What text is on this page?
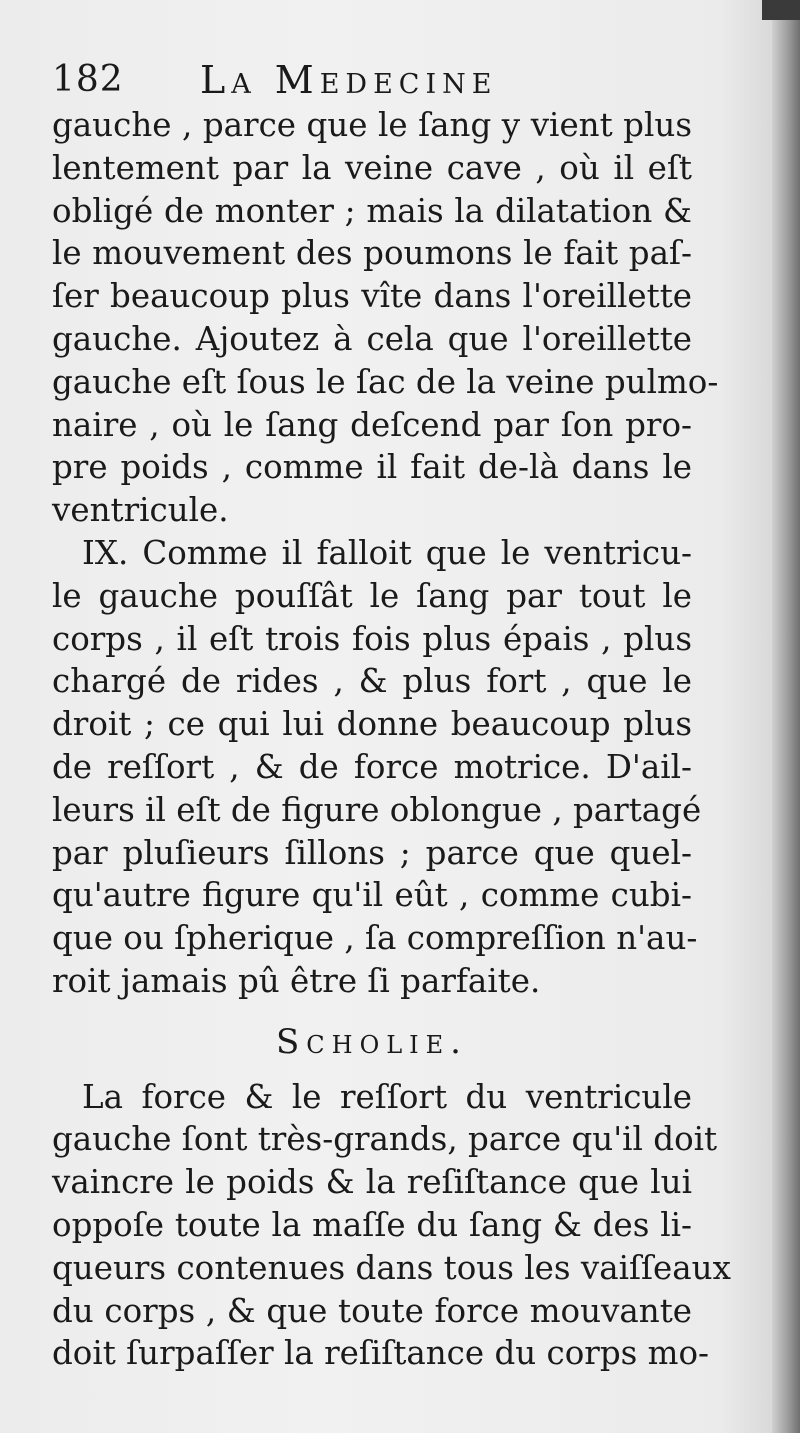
182 La Medecine
gauche , parce que le ſang y vient plus
lentement par la veine cave , où il eſt
obligé de monter ; mais la dilatation &
le mouvement des poumons le fait paſ-
ſer beaucoup plus vîte dans l'oreillette
gauche. Ajoutez à cela que l'oreillette
gauche eſt ſous le ſac de la veine pulmo-
naire , où le ſang deſcend par ſon pro-
pre poids , comme il fait de-là dans le
ventricule.
IX. Comme il falloit que le ventricu-
le gauche pouſſât le ſang par tout le
corps , il eſt trois fois plus épais , plus
chargé de rides , & plus fort , que le
droit ; ce qui lui donne beaucoup plus
de reſſort , & de force motrice. D'ail-
leurs il eſt de figure oblongue , partagé
par pluſieurs ſillons ; parce que quel-
qu'autre figure qu'il eût , comme cubi-
que ou ſpherique , ſa compreſſion n'au-
roit jamais pû être ſi parfaite.
Scholie.
La force & le reſſort du ventricule
gauche ſont très-grands, parce qu'il doit
vaincre le poids & la reſiſtance que lui
oppoſe toute la maſſe du ſang & des li-
queurs contenues dans tous les vaiſſeaux
du corps , & que toute force mouvante
doit ſurpaſſer la reſiſtance du corps mo-
